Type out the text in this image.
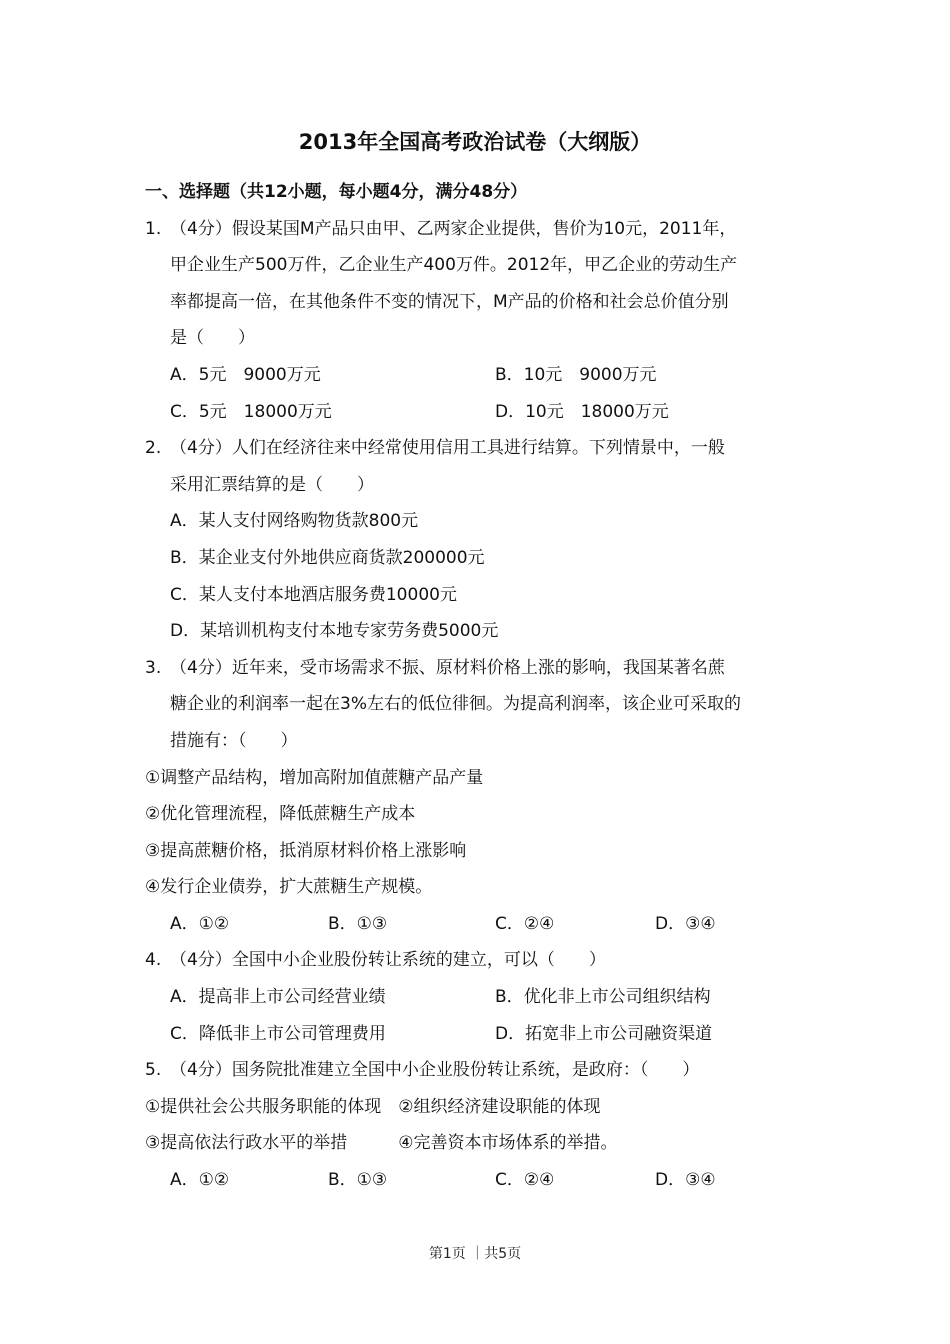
2013年全国高考政治试卷（大纲版）
一、选择题（共12小题，每小题4分，满分48分）
1. （4分）假设某国M产品只由甲、乙两家企业提供，售价为10元，2011年，
甲企业生产500万件，乙企业生产400万件。2012年，甲乙企业的劳动生产
率都提高一倍，在其他条件不变的情况下，M产品的价格和社会总价值分别
是（　　）
A．5元　9000万元	B．10元　9000万元
C．5元　18000万元	D．10元　18000万元
2. （4分）人们在经济往来中经常使用信用工具进行结算。下列情景中，一般
采用汇票结算的是（　　）
A．某人支付网络购物货款800元
B．某企业支付外地供应商货款200000元
C．某人支付本地酒店服务费10000元
D．某培训机构支付本地专家劳务费5000元
3. （4分）近年来，受市场需求不振、原材料价格上涨的影响，我国某著名蔗
糖企业的利润率一起在3%左右的低位徘徊。为提高利润率，该企业可采取的
措施有：（　　）
①调整产品结构，增加高附加值蔗糖产品产量
②优化管理流程，降低蔗糖生产成本
③提高蔗糖价格，抵消原材料价格上涨影响
④发行企业债券，扩大蔗糖生产规模。
A．①②	B．①③	C．②④	D．③④
4. （4分）全国中小企业股份转让系统的建立，可以（　　）
A．提高非上市公司经营业绩	B．优化非上市公司组织结构
C．降低非上市公司管理费用	D．拓宽非上市公司融资渠道
5. （4分）国务院批准建立全国中小企业股份转让系统，是政府：（　　）
①提供社会公共服务职能的体现　②组织经济建设职能的体现
③提高依法行政水平的举措　　　④完善资本市场体系的举措。
A．①②	B．①③	C．②④	D．③④
第1页 ｜共5页
